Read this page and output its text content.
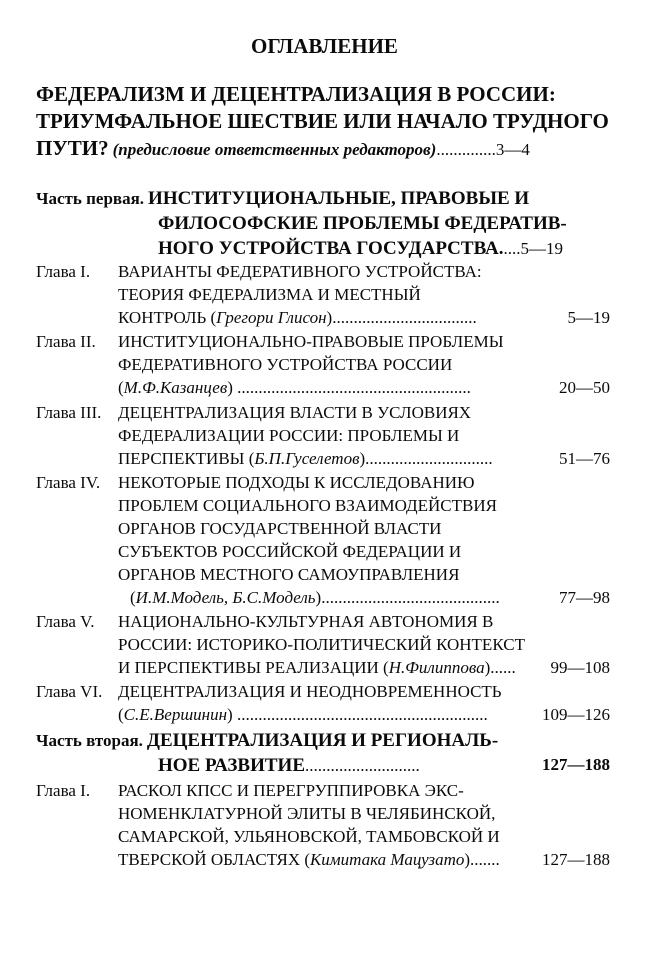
ОГЛАВЛЕНИЕ
ФЕДЕРАЛИЗМ И ДЕЦЕНТРАЛИЗАЦИЯ В РОССИИ:
ТРИУМФАЛЬНОЕ ШЕСТВИЕ ИЛИ НАЧАЛО ТРУДНОГО
ПУТИ? (предисловие ответственных редакторов)..............3—4
Часть первая. ИНСТИТУЦИОНАЛЬНЫЕ, ПРАВОВЫЕ И
ФИЛОСОФСКИЕ ПРОБЛЕМЫ ФЕДЕРАТИВ-
НОГО УСТРОЙСТВА ГОСУДАРСТВА.....5—19
Глава I. ВАРИАНТЫ ФЕДЕРАТИВНОГО УСТРОЙСТВА:
ТЕОРИЯ ФЕДЕРАЛИЗМА И МЕСТНЫЙ
КОНТРОЛЬ (Грегори Глисон)..................................	5—19
Глава II. ИНСТИТУЦИОНАЛЬНО-ПРАВОВЫЕ ПРОБЛЕМЫ
ФЕДЕРАТИВНОГО УСТРОЙСТВА РОССИИ
(М.Ф.Казанцев) .......................................................	20—50
Глава III. ДЕЦЕНТРАЛИЗАЦИЯ ВЛАСТИ В УСЛОВИЯХ
ФЕДЕРАЛИЗАЦИИ РОССИИ: ПРОБЛЕМЫ И
ПЕРСПЕКТИВЫ (Б.П.Гуселетов)..............................	51—76
Глава IV. НЕКОТОРЫЕ ПОДХОДЫ К ИССЛЕДОВАНИЮ
ПРОБЛЕМ СОЦИАЛЬНОГО ВЗАИМОДЕЙСТВИЯ
ОРГАНОВ ГОСУДАРСТВЕННОЙ ВЛАСТИ
СУБЪЕКТОВ РОССИЙСКОЙ ФЕДЕРАЦИИ И
ОРГАНОВ МЕСТНОГО САМОУПРАВЛЕНИЯ
(И.М.Модель, Б.С.Модель)..........................................	77—98
Глава V. НАЦИОНАЛЬНО-КУЛЬТУРНАЯ АВТОНОМИЯ В
РОССИИ: ИСТОРИКО-ПОЛИТИЧЕСКИЙ КОНТЕКСТ
И ПЕРСПЕКТИВЫ РЕАЛИЗАЦИИ (Н.Филиппова)...... 99—108
Глава VI. ДЕЦЕНТРАЛИЗАЦИЯ И НЕОДНОВРЕМЕННОСТЬ
(С.Е.Вершинин) ...........................................................	109—126
Часть вторая. ДЕЦЕНТРАЛИЗАЦИЯ И РЕГИОНАЛЬ-
НОЕ РАЗВИТИЕ...........................	127—188
Глава I. РАСКОЛ КПСС И ПЕРЕГРУППИРОВКА ЭКС-
НОМЕНКЛАТУРНОЙ ЭЛИТЫ В ЧЕЛЯБИНСКОЙ,
САМАРСКОЙ, УЛЬЯНОВСКОЙ, ТАМБОВСКОЙ И
ТВЕРСКОЙ ОБЛАСТЯХ (Кимитака Мацузато)....... 127—188
